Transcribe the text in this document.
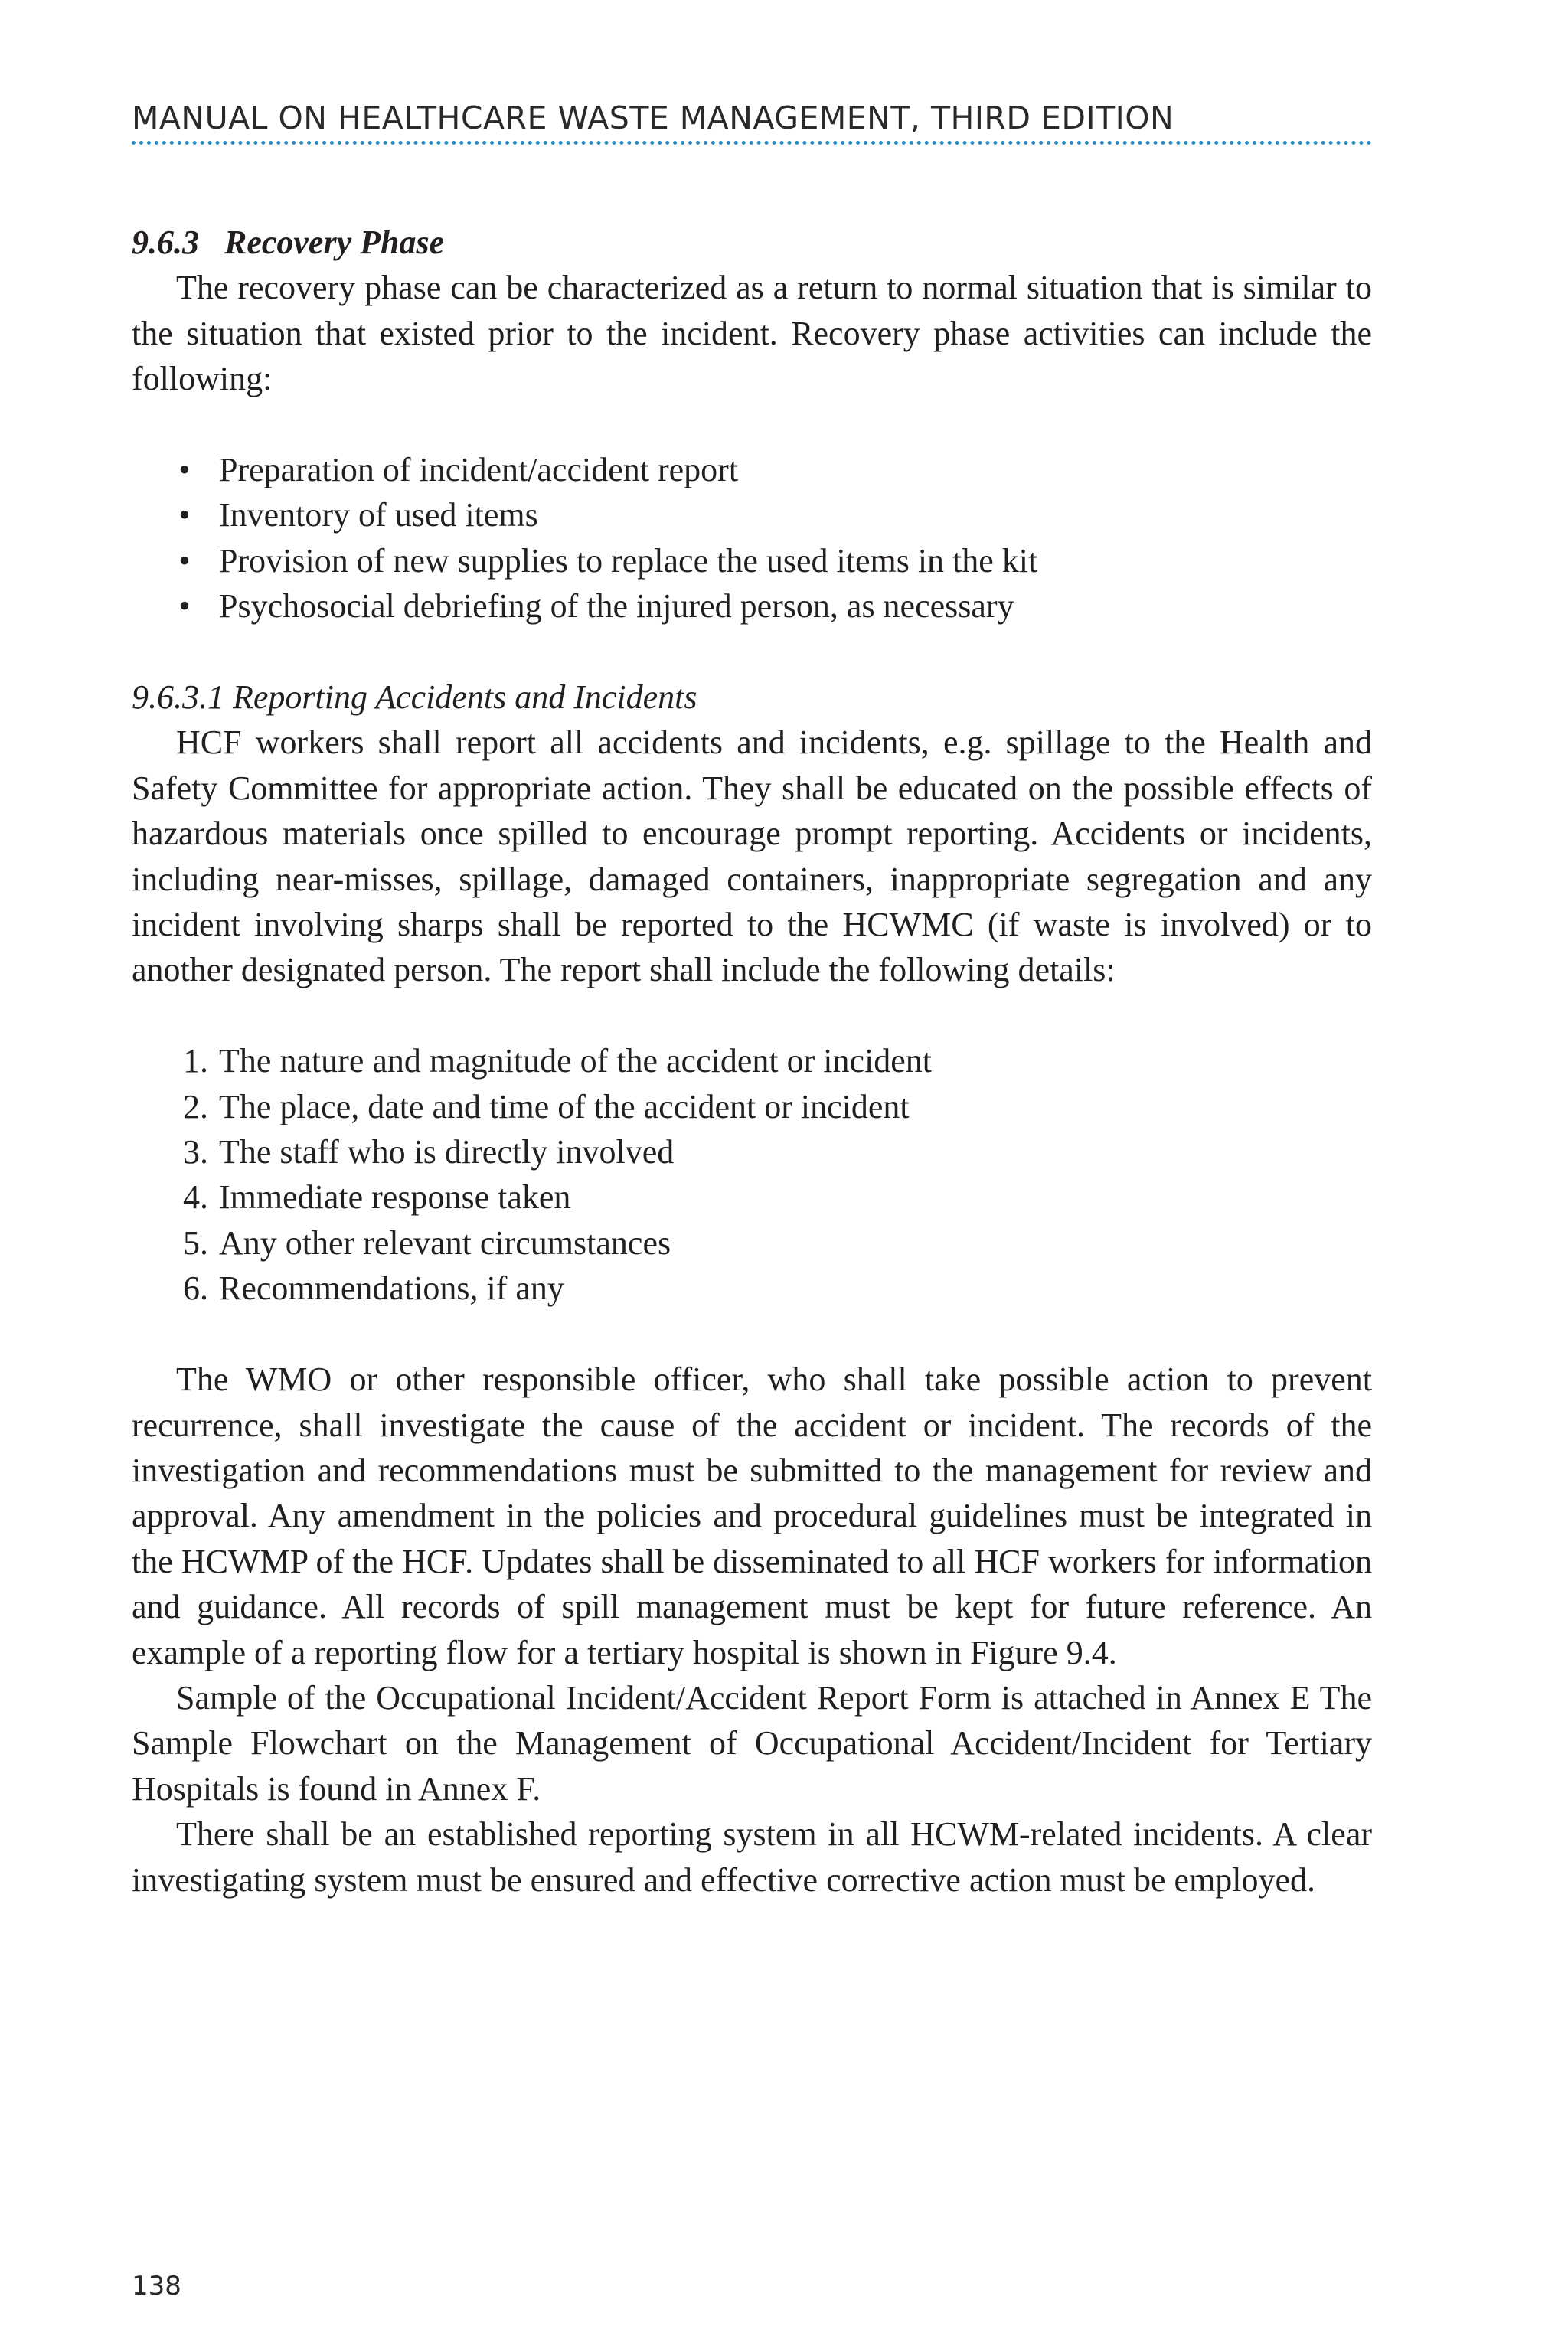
MANUAL ON HEALTHCARE WASTE MANAGEMENT, THIRD EDITION

9.6.3   Recovery Phase

The recovery phase can be characterized as a return to normal situation that is similar to the situation that existed prior to the incident. Recovery phase activities can include the following:

• Preparation of incident/accident report
• Inventory of used items
• Provision of new supplies to replace the used items in the kit
• Psychosocial debriefing of the injured person, as necessary

9.6.3.1 Reporting Accidents and Incidents

HCF workers shall report all accidents and incidents, e.g. spillage to the Health and Safety Committee for appropriate action. They shall be educated on the possible effects of hazardous materials once spilled to encourage prompt reporting. Accidents or incidents, including near-misses, spillage, damaged containers, inappropriate segregation and any incident involving sharps shall be reported to the HCWMC (if waste is involved) or to another designated person. The report shall include the following details:

1. The nature and magnitude of the accident or incident
2. The place, date and time of the accident or incident
3. The staff who is directly involved
4. Immediate response taken
5. Any other relevant circumstances
6. Recommendations, if any

The WMO or other responsible officer, who shall take possible action to prevent recurrence, shall investigate the cause of the accident or incident. The records of the investigation and recommendations must be submitted to the management for review and approval. Any amendment in the policies and procedural guidelines must be integrated in the HCWMP of the HCF. Updates shall be disseminated to all HCF workers for information and guidance. All records of spill management must be kept for future reference. An example of a reporting flow for a tertiary hospital is shown in Figure 9.4.

Sample of the Occupational Incident/Accident Report Form is attached in Annex E The Sample Flowchart on the Management of Occupational Accident/Incident for Tertiary Hospitals is found in Annex F.

There shall be an established reporting system in all HCWM-related incidents. A clear investigating system must be ensured and effective corrective action must be employed.

138
